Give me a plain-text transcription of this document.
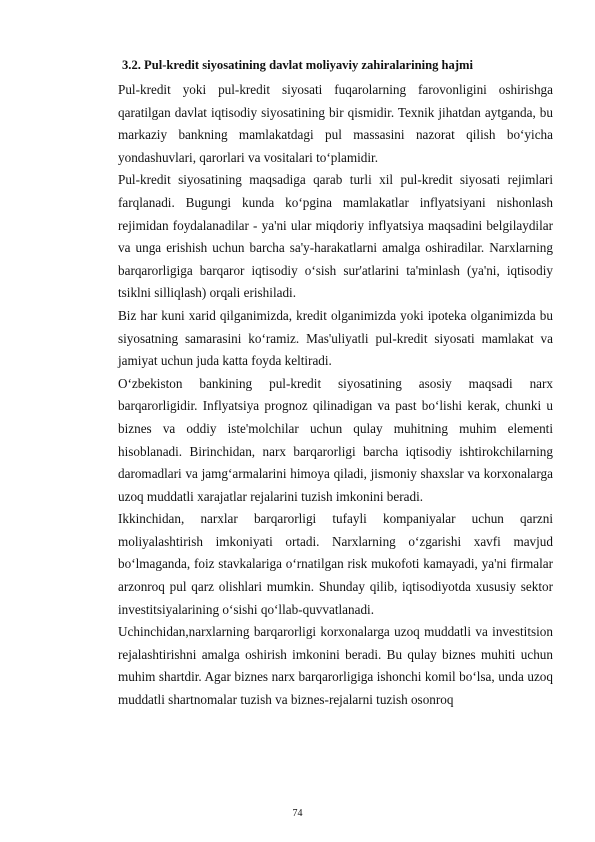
3.2. Pul-kredit siyosatining davlat moliyaviy zahiralarining hajmi

Pul-kredit yoki pul-kredit siyosati fuqarolarning farovonligini oshirishga qaratilgan davlat iqtisodiy siyosatining bir qismidir. Texnik jihatdan aytganda, bu markaziy bankning mamlakatdagi pul massasini nazorat qilish bo‘yicha yondashuvlari, qarorlari va vositalari to‘plamidir.

Pul-kredit siyosatining maqsadiga qarab turli xil pul-kredit siyosati rejimlari farqlanadi. Bugungi kunda ko‘pgina mamlakatlar inflyatsiyani nishonlash rejimidan foydalanadilar - ya'ni ular miqdoriy inflyatsiya maqsadini belgilaydilar va unga erishish uchun barcha sa'y-harakatlarni amalga oshiradilar. Narxlarning barqarorligiga barqaror iqtisodiy o‘sish sur'atlarini ta'minlash (ya'ni, iqtisodiy tsiklni silliqlash) orqali erishiladi.

Biz har kuni xarid qilganimizda, kredit olganimizda yoki ipoteka olganimizda bu siyosatning samarasini ko‘ramiz. Mas'uliyatli pul-kredit siyosati mamlakat va jamiyat uchun juda katta foyda keltiradi.

O‘zbekiston bankining pul-kredit siyosatining asosiy maqsadi narx barqarorligidir. Inflyatsiya prognoz qilinadigan va past bo‘lishi kerak, chunki u biznes va oddiy iste'molchilar uchun qulay muhitning muhim elementi hisoblanadi. Birinchidan, narx barqarorligi barcha iqtisodiy ishtirokchilarning daromadlari va jamg‘armalarini himoya qiladi, jismoniy shaxslar va korxonalarga uzoq muddatli xarajatlar rejalarini tuzish imkonini beradi.

Ikkinchidan, narxlar barqarorligi tufayli kompaniyalar uchun qarzni moliyalashtirish imkoniyati ortadi. Narxlarning o‘zgarishi xavfi mavjud bo‘lmaganda, foiz stavkalariga o‘rnatilgan risk mukofoti kamayadi, ya'ni firmalar arzonroq pul qarz olishlari mumkin. Shunday qilib, iqtisodiyotda xususiy sektor investitsiyalarining o‘sishi qo‘llab-quvvatlanadi.

Uchinchidan,narxlarning barqarorligi korxonalarga uzoq muddatli va investitsion rejalashtirishni amalga oshirish imkonini beradi. Bu qulay biznes muhiti uchun muhim shartdir. Agar biznes narx barqarorligiga ishonchi komil bo‘lsa, unda uzoq muddatli shartnomalar tuzish va biznes-rejalarni tuzish osonroq

74
